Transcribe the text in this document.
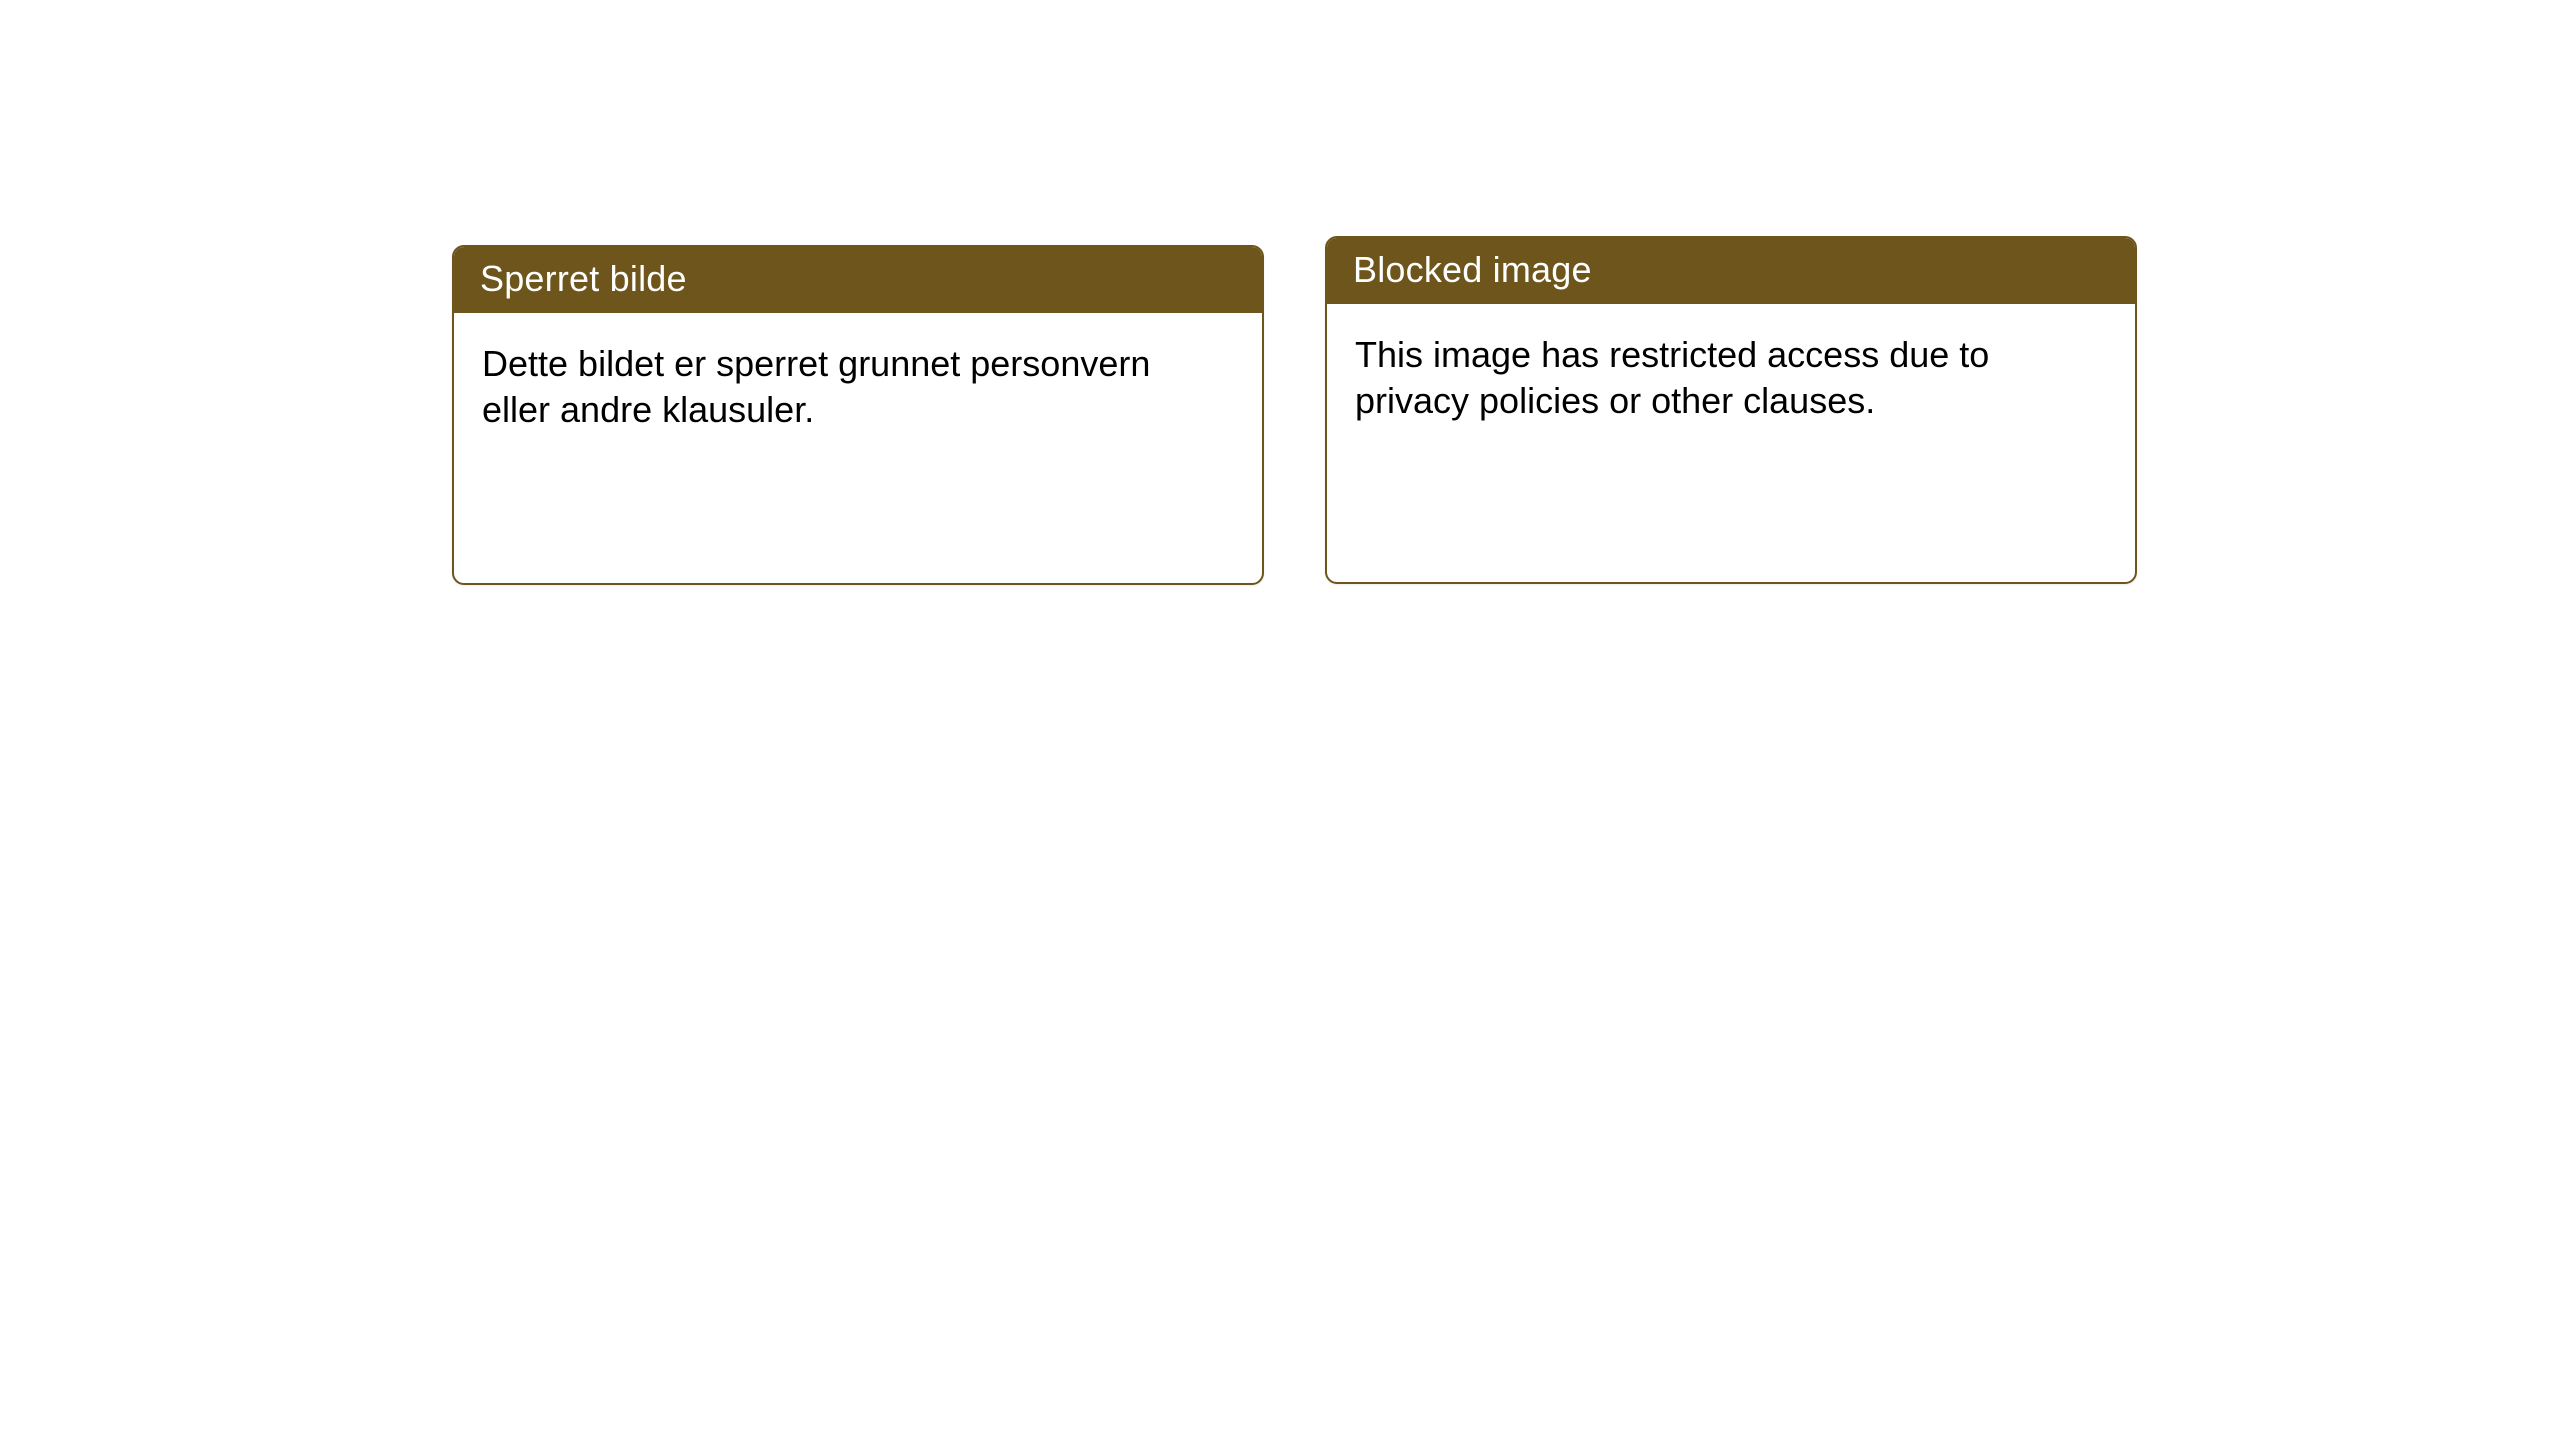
Sperret bilde

Dette bildet er sperret grunnet personvern eller andre klausuler.

Blocked image

This image has restricted access due to privacy policies or other clauses.
